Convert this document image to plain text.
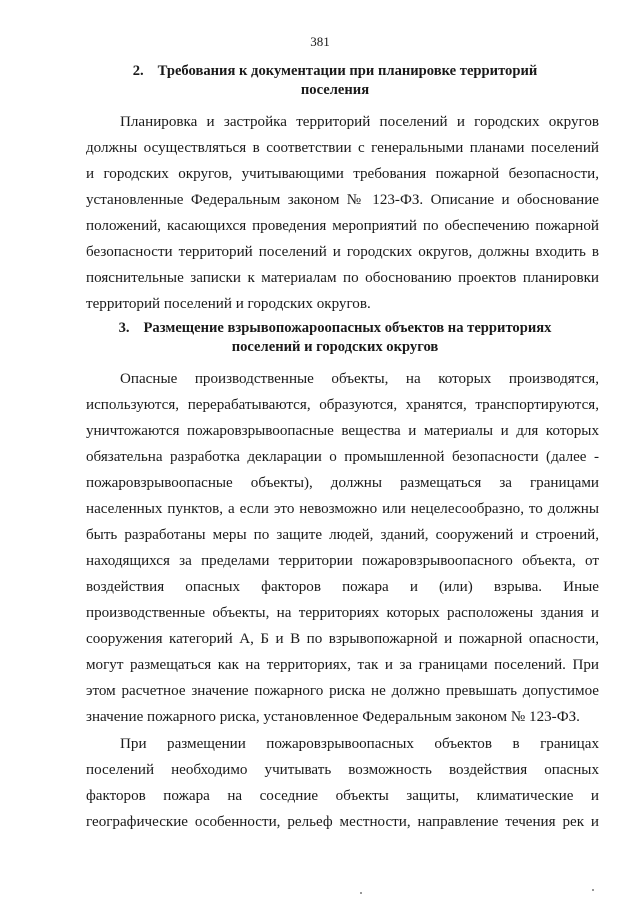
381
2. Требования к документации при планировке территорий
поселения
Планировка и застройка территорий поселений и городских округов
должны осуществляться в соответствии с генеральными планами поселений
и городских округов, учитывающими требования пожарной безопасности,
установленные Федеральным законом № 123-ФЗ. Описание и обоснование
положений, касающихся проведения мероприятий по обеспечению пожарной
безопасности территорий поселений и городских округов, должны входить в
пояснительные записки к материалам по обоснованию проектов планировки
территорий поселений и городских округов.
3. Размещение взрывопожароопасных объектов на территориях
поселений и городских округов
Опасные производственные объекты, на которых производятся,
используются, перерабатываются, образуются, хранятся, транспортируются,
уничтожаются пожаровзрывоопасные вещества и материалы и для которых
обязательна разработка декларации о промышленной безопасности (далее -
пожаровзрывоопасные объекты), должны размещаться за границами
населенных пунктов, а если это невозможно или нецелесообразно, то должны
быть разработаны меры по защите людей, зданий, сооружений и строений,
находящихся за пределами территории пожаровзрывоопасного объекта, от
воздействия опасных факторов пожара и (или) взрыва. Иные
производственные объекты, на территориях которых расположены здания и
сооружения категорий А, Б и В по взрывопожарной и пожарной опасности,
могут размещаться как на территориях, так и за границами поселений. При
этом расчетное значение пожарного риска не должно превышать допустимое
значение пожарного риска, установленное Федеральным законом № 123-ФЗ.
При размещении пожаровзрывоопасных объектов в границах
поселений необходимо учитывать возможность воздействия опасных
факторов пожара на соседние объекты защиты, климатические и
географические особенности, рельеф местности, направление течения рек и
